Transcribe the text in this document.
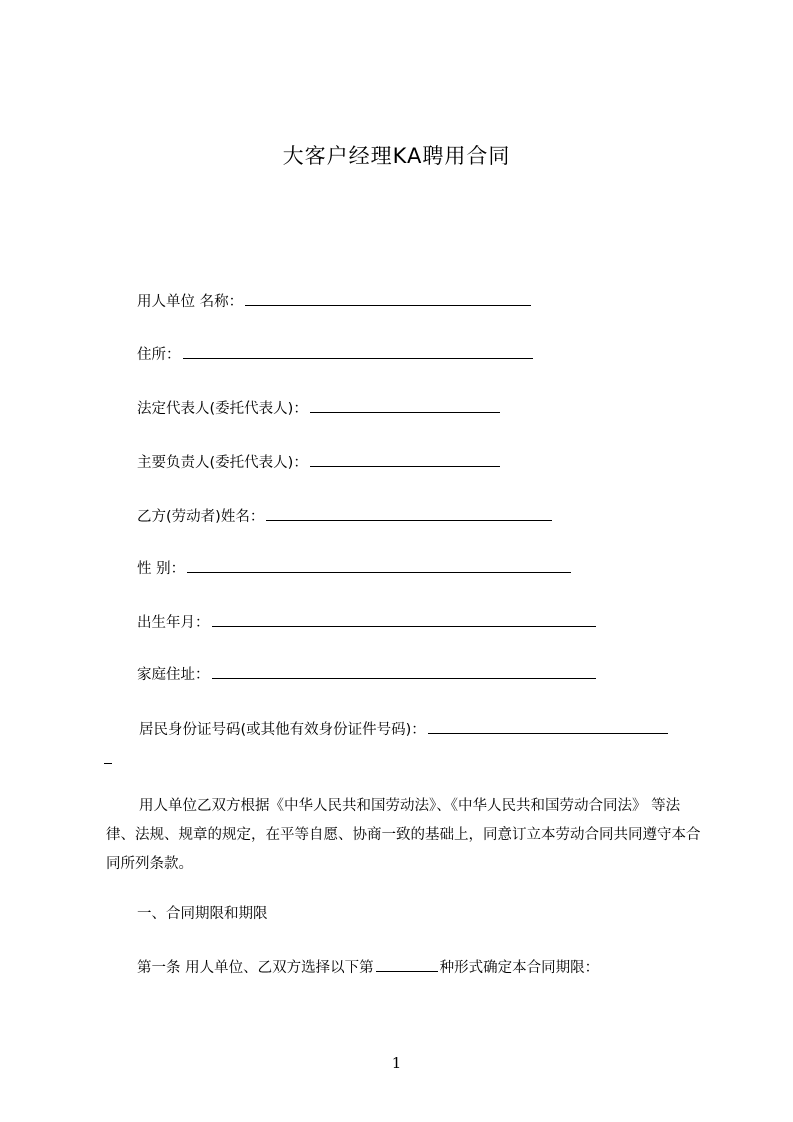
大客户经理KA聘用合同
用人单位 名称：
住所：
法定代表人(委托代表人)：
主要负责人(委托代表人)：
乙方(劳动者)姓名：
性 别：
出生年月：
家庭住址：
居民身份证号码(或其他有效身份证件号码)：
用人单位乙双方根据《中华人民共和国劳动法》、《中华人民共和国劳动合同法》 等法律、法规、规章的规定，在平等自愿、协商一致的基础上，同意订立本劳动合同共同遵守本合同所列条款。
一、合同期限和期限
第一条 用人单位、乙双方选择以下第	种形式确定本合同期限：
1
